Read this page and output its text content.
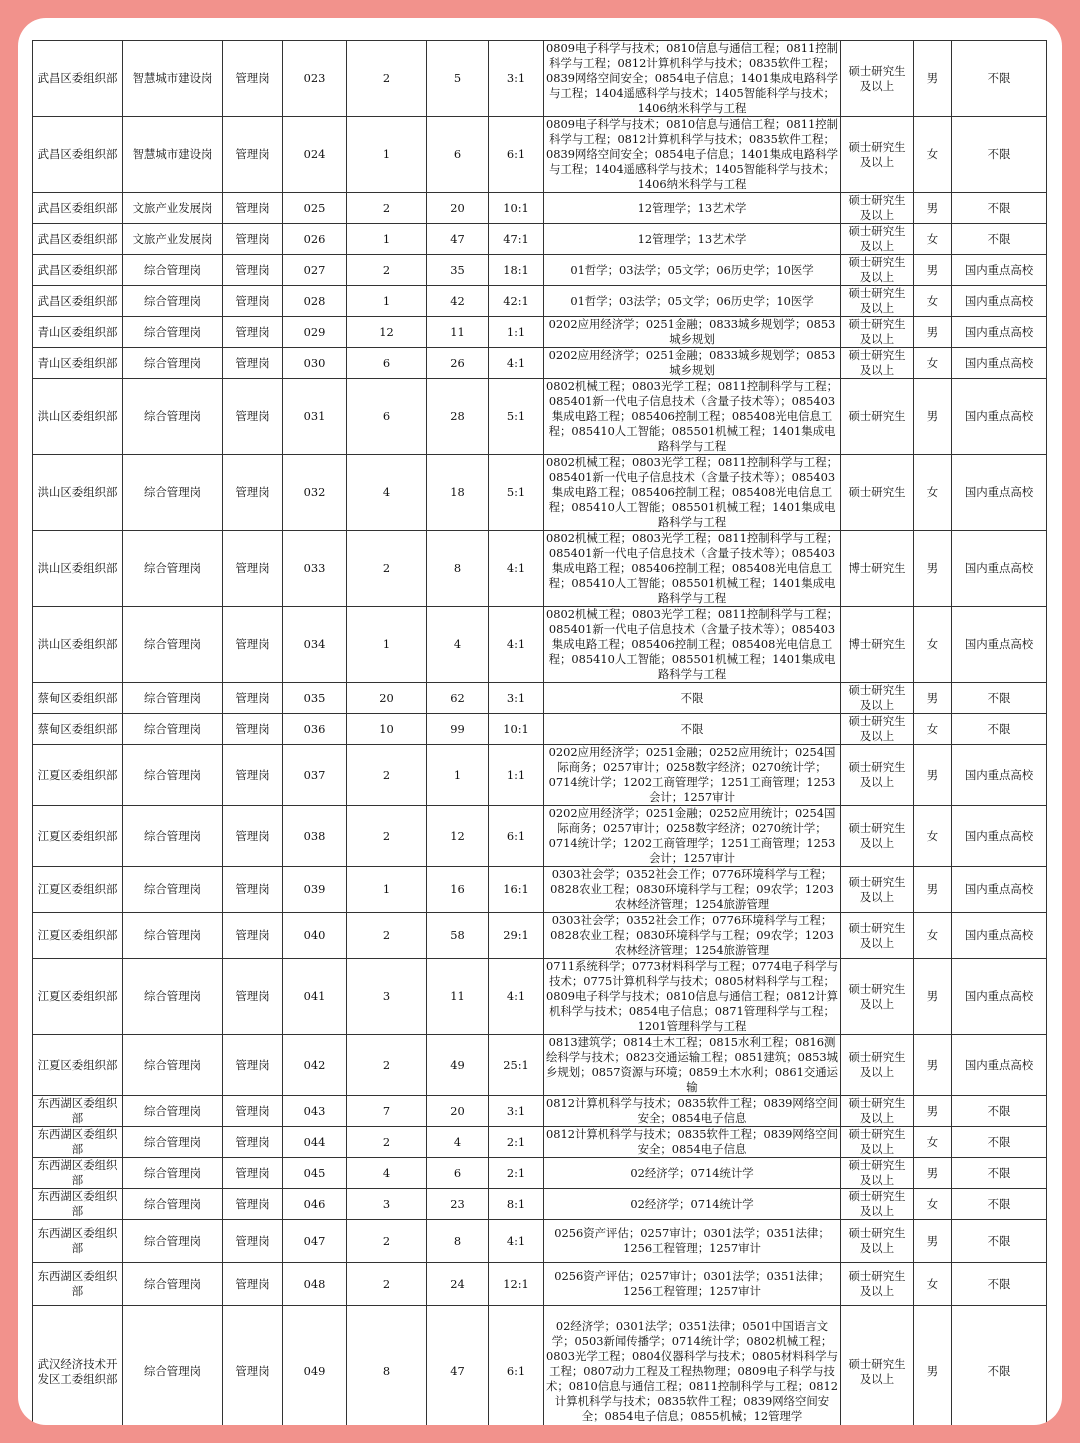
武昌区委组织部	智慧城市建设岗	管理岗	023	2	5	3:1	0809电子科学与技术；0810信息与通信工程；0811控制科学与工程；0812计算机科学与技术；0835软件工程；0839网络空间安全；0854电子信息；1401集成电路科学与工程；1404遥感科学与技术；1405智能科学与技术；1406纳米科学与工程	硕士研究生及以上	男	不限
武昌区委组织部	智慧城市建设岗	管理岗	024	1	6	6:1	0809电子科学与技术；0810信息与通信工程；0811控制科学与工程；0812计算机科学与技术；0835软件工程；0839网络空间安全；0854电子信息；1401集成电路科学与工程；1404遥感科学与技术；1405智能科学与技术；1406纳米科学与工程	硕士研究生及以上	女	不限
武昌区委组织部	文旅产业发展岗	管理岗	025	2	20	10:1	12管理学；13艺术学	硕士研究生及以上	男	不限
武昌区委组织部	文旅产业发展岗	管理岗	026	1	47	47:1	12管理学；13艺术学	硕士研究生及以上	女	不限
武昌区委组织部	综合管理岗	管理岗	027	2	35	18:1	01哲学；03法学；05文学；06历史学；10医学	硕士研究生及以上	男	国内重点高校
武昌区委组织部	综合管理岗	管理岗	028	1	42	42:1	01哲学；03法学；05文学；06历史学；10医学	硕士研究生及以上	女	国内重点高校
青山区委组织部	综合管理岗	管理岗	029	12	11	1:1	0202应用经济学；0251金融；0833城乡规划学；0853城乡规划	硕士研究生及以上	男	国内重点高校
青山区委组织部	综合管理岗	管理岗	030	6	26	4:1	0202应用经济学；0251金融；0833城乡规划学；0853城乡规划	硕士研究生及以上	女	国内重点高校
洪山区委组织部	综合管理岗	管理岗	031	6	28	5:1	0802机械工程；0803光学工程；0811控制科学与工程；085401新一代电子信息技术（含量子技术等）；085403集成电路工程；085406控制工程；085408光电信息工程；085410人工智能；085501机械工程；1401集成电路科学与工程	硕士研究生	男	国内重点高校
洪山区委组织部	综合管理岗	管理岗	032	4	18	5:1	0802机械工程；0803光学工程；0811控制科学与工程；085401新一代电子信息技术（含量子技术等）；085403集成电路工程；085406控制工程；085408光电信息工程；085410人工智能；085501机械工程；1401集成电路科学与工程	硕士研究生	女	国内重点高校
洪山区委组织部	综合管理岗	管理岗	033	2	8	4:1	0802机械工程；0803光学工程；0811控制科学与工程；085401新一代电子信息技术（含量子技术等）；085403集成电路工程；085406控制工程；085408光电信息工程；085410人工智能；085501机械工程；1401集成电路科学与工程	博士研究生	男	国内重点高校
洪山区委组织部	综合管理岗	管理岗	034	1	4	4:1	0802机械工程；0803光学工程；0811控制科学与工程；085401新一代电子信息技术（含量子技术等）；085403集成电路工程；085406控制工程；085408光电信息工程；085410人工智能；085501机械工程；1401集成电路科学与工程	博士研究生	女	国内重点高校
蔡甸区委组织部	综合管理岗	管理岗	035	20	62	3:1	不限	硕士研究生及以上	男	不限
蔡甸区委组织部	综合管理岗	管理岗	036	10	99	10:1	不限	硕士研究生及以上	女	不限
江夏区委组织部	综合管理岗	管理岗	037	2	1	1:1	0202应用经济学；0251金融；0252应用统计；0254国际商务；0257审计；0258数字经济；0270统计学；0714统计学；1202工商管理学；1251工商管理；1253会计；1257审计	硕士研究生及以上	男	国内重点高校
江夏区委组织部	综合管理岗	管理岗	038	2	12	6:1	0202应用经济学；0251金融；0252应用统计；0254国际商务；0257审计；0258数字经济；0270统计学；0714统计学；1202工商管理学；1251工商管理；1253会计；1257审计	硕士研究生及以上	女	国内重点高校
江夏区委组织部	综合管理岗	管理岗	039	1	16	16:1	0303社会学；0352社会工作；0776环境科学与工程；0828农业工程；0830环境科学与工程；09农学；1203农林经济管理；1254旅游管理	硕士研究生及以上	男	国内重点高校
江夏区委组织部	综合管理岗	管理岗	040	2	58	29:1	0303社会学；0352社会工作；0776环境科学与工程；0828农业工程；0830环境科学与工程；09农学；1203农林经济管理；1254旅游管理	硕士研究生及以上	女	国内重点高校
江夏区委组织部	综合管理岗	管理岗	041	3	11	4:1	0711系统科学；0773材料科学与工程；0774电子科学与技术；0775计算机科学与技术；0805材料科学与工程；0809电子科学与技术；0810信息与通信工程；0812计算机科学与技术；0854电子信息；0871管理科学与工程；1201管理科学与工程	硕士研究生及以上	男	国内重点高校
江夏区委组织部	综合管理岗	管理岗	042	2	49	25:1	0813建筑学；0814土木工程；0815水利工程；0816测绘科学与技术；0823交通运输工程；0851建筑；0853城乡规划；0857资源与环境；0859土木水利；0861交通运输	硕士研究生及以上	男	国内重点高校
东西湖区委组织部	综合管理岗	管理岗	043	7	20	3:1	0812计算机科学与技术；0835软件工程；0839网络空间安全；0854电子信息	硕士研究生及以上	男	不限
东西湖区委组织部	综合管理岗	管理岗	044	2	4	2:1	0812计算机科学与技术；0835软件工程；0839网络空间安全；0854电子信息	硕士研究生及以上	女	不限
东西湖区委组织部	综合管理岗	管理岗	045	4	6	2:1	02经济学；0714统计学	硕士研究生及以上	男	不限
东西湖区委组织部	综合管理岗	管理岗	046	3	23	8:1	02经济学；0714统计学	硕士研究生及以上	女	不限
东西湖区委组织部	综合管理岗	管理岗	047	2	8	4:1	0256资产评估；0257审计；0301法学；0351法律；1256工程管理；1257审计	硕士研究生及以上	男	不限
东西湖区委组织部	综合管理岗	管理岗	048	2	24	12:1	0256资产评估；0257审计；0301法学；0351法律；1256工程管理；1257审计	硕士研究生及以上	女	不限
武汉经济技术开发区工委组织部	综合管理岗	管理岗	049	8	47	6:1	02经济学；0301法学；0351法律；0501中国语言文学；0503新闻传播学；0714统计学；0802机械工程；0803光学工程；0804仪器科学与技术；0805材料科学与工程；0807动力工程及工程热物理；0809电子科学与技术；0810信息与通信工程；0811控制科学与工程；0812计算机科学与技术；0835软件工程；0839网络空间安全；0854电子信息；0855机械；12管理学	硕士研究生及以上	男	不限
